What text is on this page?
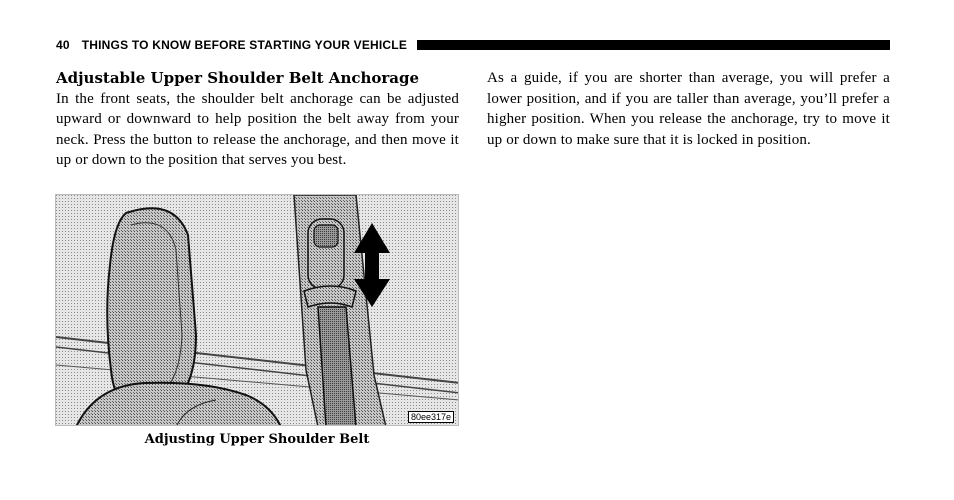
40 THINGS TO KNOW BEFORE STARTING YOUR VEHICLE

Adjustable Upper Shoulder Belt Anchorage

In the front seats, the shoulder belt anchorage can be adjusted upward or downward to help position the belt away from your neck. Press the button to release the anchorage, and then move it up or down to the position that serves you best.

80ee317e
Adjusting Upper Shoulder Belt

As a guide, if you are shorter than average, you will prefer a lower position, and if you are taller than average, you’ll prefer a higher position. When you release the anchorage, try to move it up or down to make sure that it is locked in position.
